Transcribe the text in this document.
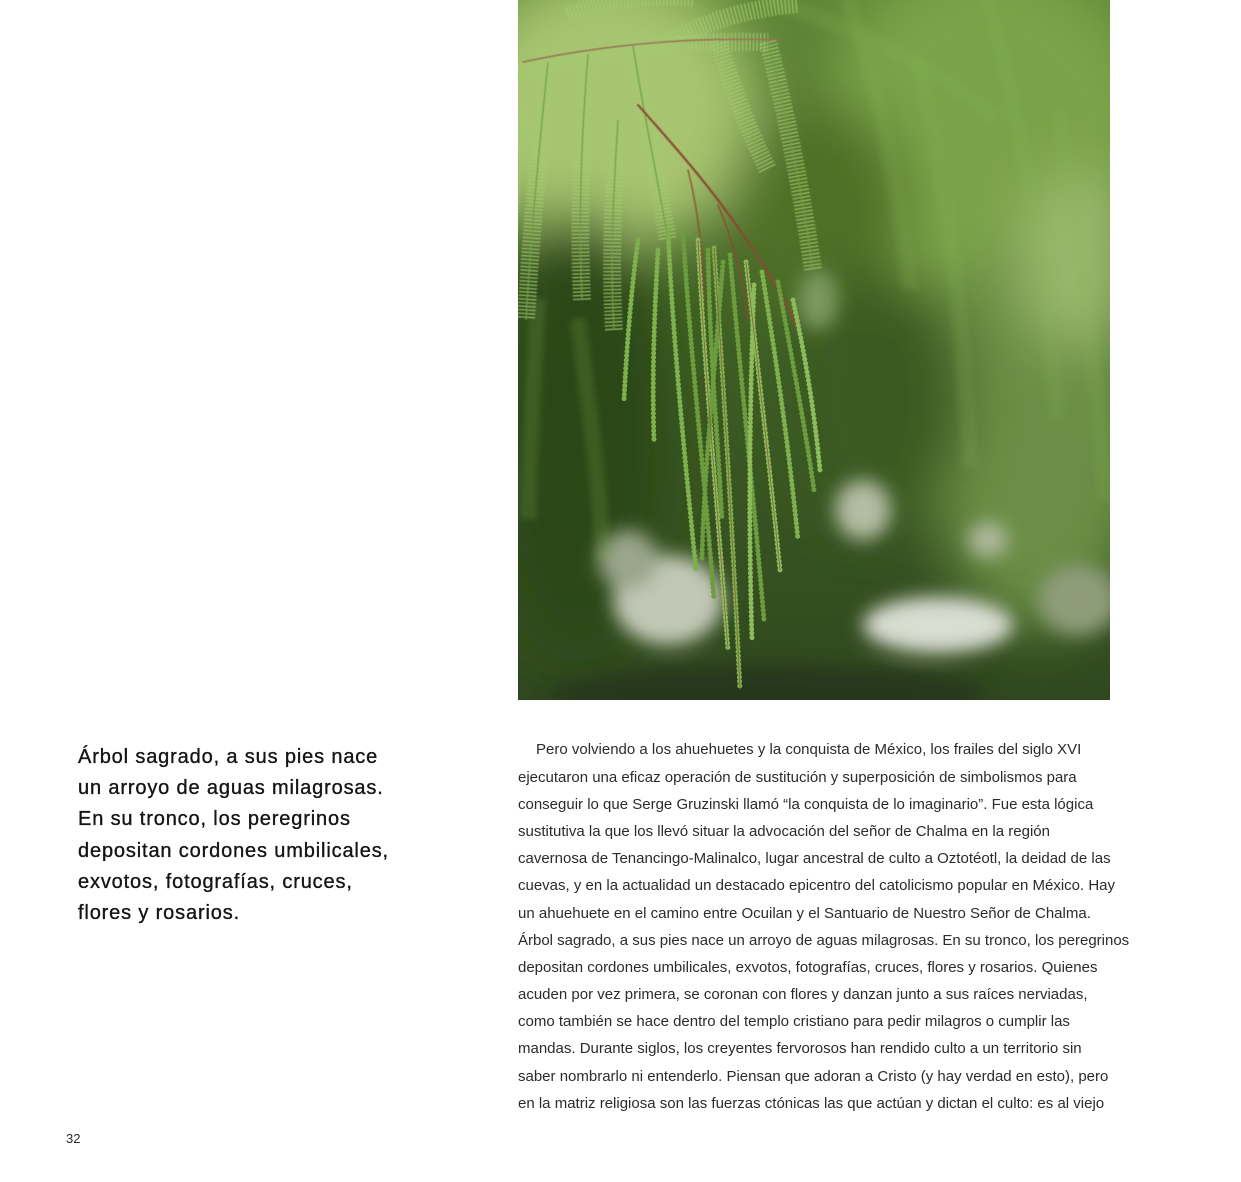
Árbol sagrado, a sus pies nace
un arroyo de aguas milagrosas.
En su tronco, los peregrinos
depositan cordones umbilicales,
exvotos, fotografías, cruces,
flores y rosarios.
Pero volviendo a los ahuehuetes y la conquista de México, los frailes del siglo XVI
ejecutaron una eficaz operación de sustitución y superposición de simbolismos para
conseguir lo que Serge Gruzinski llamó “la conquista de lo imaginario”. Fue esta lógica
sustitutiva la que los llevó situar la advocación del señor de Chalma en la región
cavernosa de Tenancingo-Malinalco, lugar ancestral de culto a Oztotéotl, la deidad de las
cuevas, y en la actualidad un destacado epicentro del catolicismo popular en México. Hay
un ahuehuete en el camino entre Ocuilan y el Santuario de Nuestro Señor de Chalma.
Árbol sagrado, a sus pies nace un arroyo de aguas milagrosas. En su tronco, los peregrinos
depositan cordones umbilicales, exvotos, fotografías, cruces, flores y rosarios. Quienes
acuden por vez primera, se coronan con flores y danzan junto a sus raíces nerviadas,
como también se hace dentro del templo cristiano para pedir milagros o cumplir las
mandas. Durante siglos, los creyentes fervorosos han rendido culto a un territorio sin
saber nombrarlo ni entenderlo. Piensan que adoran a Cristo (y hay verdad en esto), pero
en la matriz religiosa son las fuerzas ctónicas las que actúan y dictan el culto: es al viejo
32
